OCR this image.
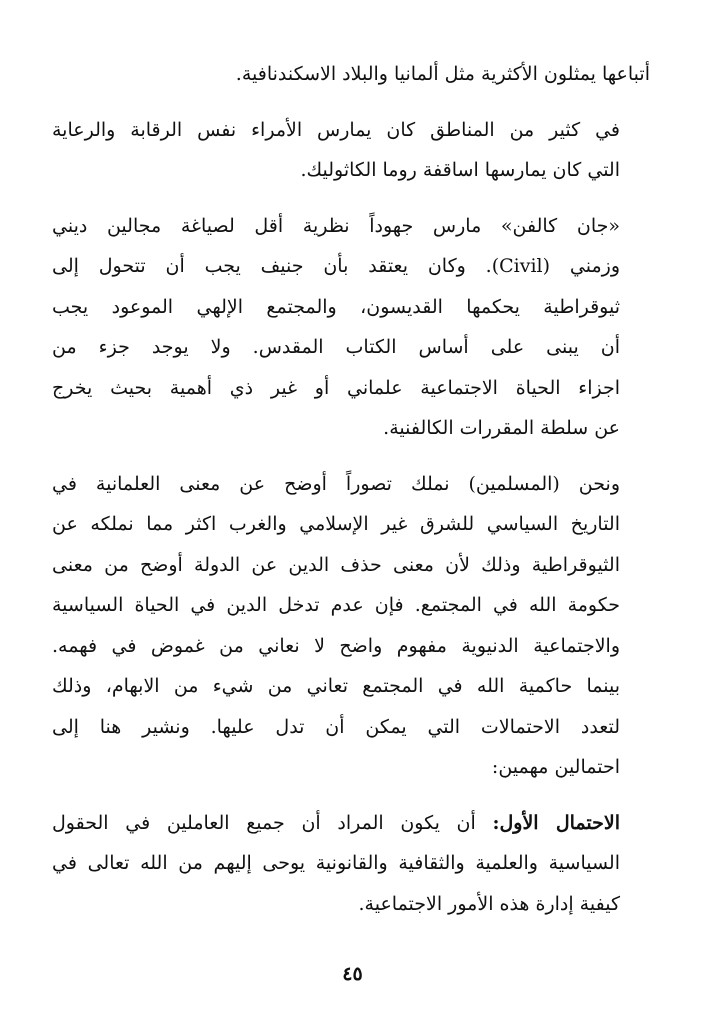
أتباعها يمثلون الأكثرية مثل ألمانيا والبلاد الاسكندنافية.

في كثير من المناطق كان يمارس الأمراء نفس الرقابة والرعاية
التي كان يمارسها اساقفة روما الكاثوليك.

«جان كالفن» مارس جهوداً نظرية أقل لصياغة مجالين ديني
وزمني (Civil). وكان يعتقد بأن جنيف يجب أن تتحول إلى
ثيوقراطية يحكمها القديسون، والمجتمع الإلهي الموعود يجب
أن يبنى على أساس الكتاب المقدس. ولا يوجد جزء من
اجزاء الحياة الاجتماعية علماني أو غير ذي أهمية بحيث يخرج
عن سلطة المقررات الكالفنية.

ونحن (المسلمين) نملك تصوراً أوضح عن معنى العلمانية في
التاريخ السياسي للشرق غير الإسلامي والغرب اكثر مما نملكه عن
الثيوقراطية وذلك لأن معنى حذف الدين عن الدولة أوضح من معنى
حكومة الله في المجتمع. فإن عدم تدخل الدين في الحياة السياسية
والاجتماعية الدنيوية مفهوم واضح لا نعاني من غموض في فهمه.
بينما حاكمية الله في المجتمع تعاني من شيء من الابهام، وذلك
لتعدد الاحتمالات التي يمكن أن تدل عليها. ونشير هنا إلى
احتمالين مهمين:

الاحتمال الأول: أن يكون المراد أن جميع العاملين في الحقول
السياسية والعلمية والثقافية والقانونية يوحى إليهم من الله تعالى في
كيفية إدارة هذه الأمور الاجتماعية.

٤٥
